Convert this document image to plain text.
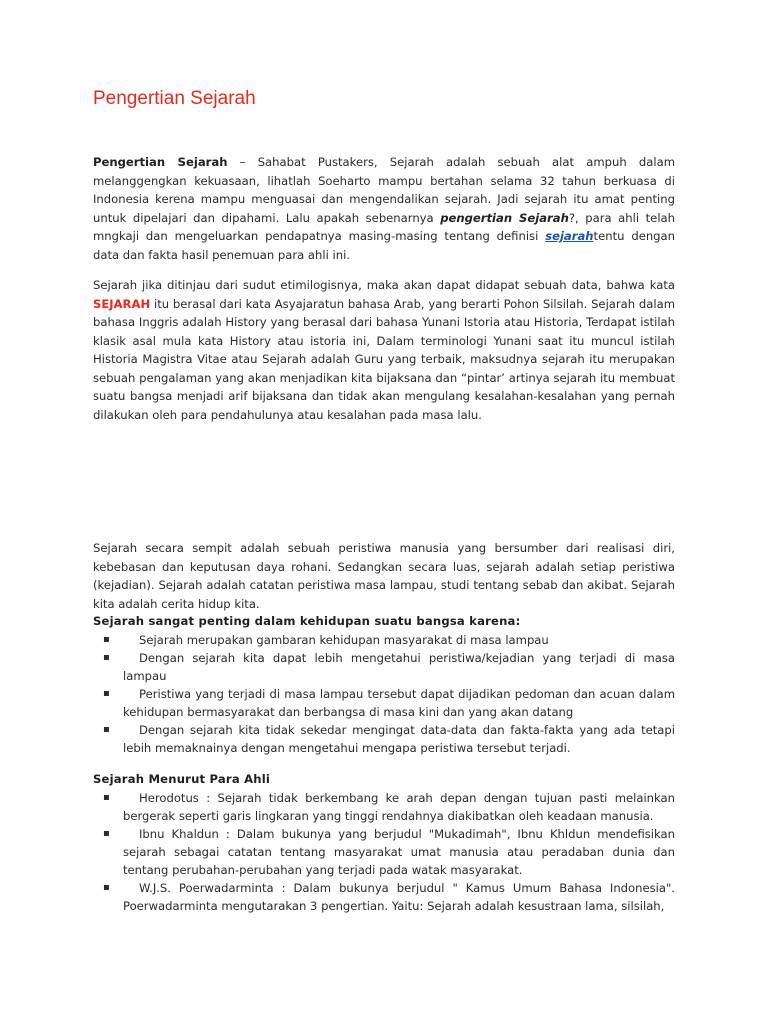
Pengertian Sejarah

Pengertian Sejarah – Sahabat Pustakers, Sejarah adalah sebuah alat ampuh dalam melanggengkan kekuasaan, lihatlah Soeharto mampu bertahan selama 32 tahun berkuasa di Indonesia kerena mampu menguasai dan mengendalikan sejarah. Jadi sejarah itu amat penting untuk dipelajari dan dipahami. Lalu apakah sebenarnya pengertian Sejarah?, para ahli telah mngkaji dan mengeluarkan pendapatnya masing-masing tentang definisi sejarahtentu dengan data dan fakta hasil penemuan para ahli ini.

Sejarah jika ditinjau dari sudut etimilogisnya, maka akan dapat didapat sebuah data, bahwa kata SEJARAH itu berasal dari kata Asyajaratun bahasa Arab, yang berarti Pohon Silsilah. Sejarah dalam bahasa Inggris adalah History yang berasal dari bahasa Yunani Istoria atau Historia, Terdapat istilah klasik asal mula kata History atau istoria ini, Dalam terminologi Yunani saat itu muncul istilah Historia Magistra Vitae atau Sejarah adalah Guru yang terbaik, maksudnya sejarah itu merupakan sebuah pengalaman yang akan menjadikan kita bijaksana dan “pintar’ artinya sejarah itu membuat suatu bangsa menjadi arif bijaksana dan tidak akan mengulang kesalahan-kesalahan yang pernah dilakukan oleh para pendahulunya atau kesalahan pada masa lalu.

Sejarah secara sempit adalah sebuah peristiwa manusia yang bersumber dari realisasi diri, kebebasan dan keputusan daya rohani. Sedangkan secara luas, sejarah adalah setiap peristiwa (kejadian). Sejarah adalah catatan peristiwa masa lampau, studi tentang sebab dan akibat. Sejarah kita adalah cerita hidup kita.

Sejarah sangat penting dalam kehidupan suatu bangsa karena:

▪	Sejarah merupakan gambaran kehidupan masyarakat di masa lampau
▪	Dengan sejarah kita dapat lebih mengetahui peristiwa/kejadian yang terjadi di masa lampau
▪	Peristiwa yang terjadi di masa lampau tersebut dapat dijadikan pedoman dan acuan dalam kehidupan bermasyarakat dan berbangsa di masa kini dan yang akan datang
▪	Dengan sejarah kita tidak sekedar mengingat data-data dan fakta-fakta yang ada tetapi lebih memaknainya dengan mengetahui mengapa peristiwa tersebut terjadi.

Sejarah Menurut Para Ahli

▪	Herodotus : Sejarah tidak berkembang ke arah depan dengan tujuan pasti melainkan bergerak seperti garis lingkaran yang tinggi rendahnya diakibatkan oleh keadaan manusia.
▪	Ibnu Khaldun : Dalam bukunya yang berjudul "Mukadimah", Ibnu Khldun mendefisikan sejarah sebagai catatan tentang masyarakat umat manusia atau peradaban dunia dan tentang perubahan-perubahan yang terjadi pada watak masyarakat.
▪	W.J.S. Poerwadarminta : Dalam bukunya berjudul " Kamus Umum Bahasa Indonesia". Poerwadarminta mengutarakan 3 pengertian. Yaitu: Sejarah adalah kesustraan lama, silsilah,
